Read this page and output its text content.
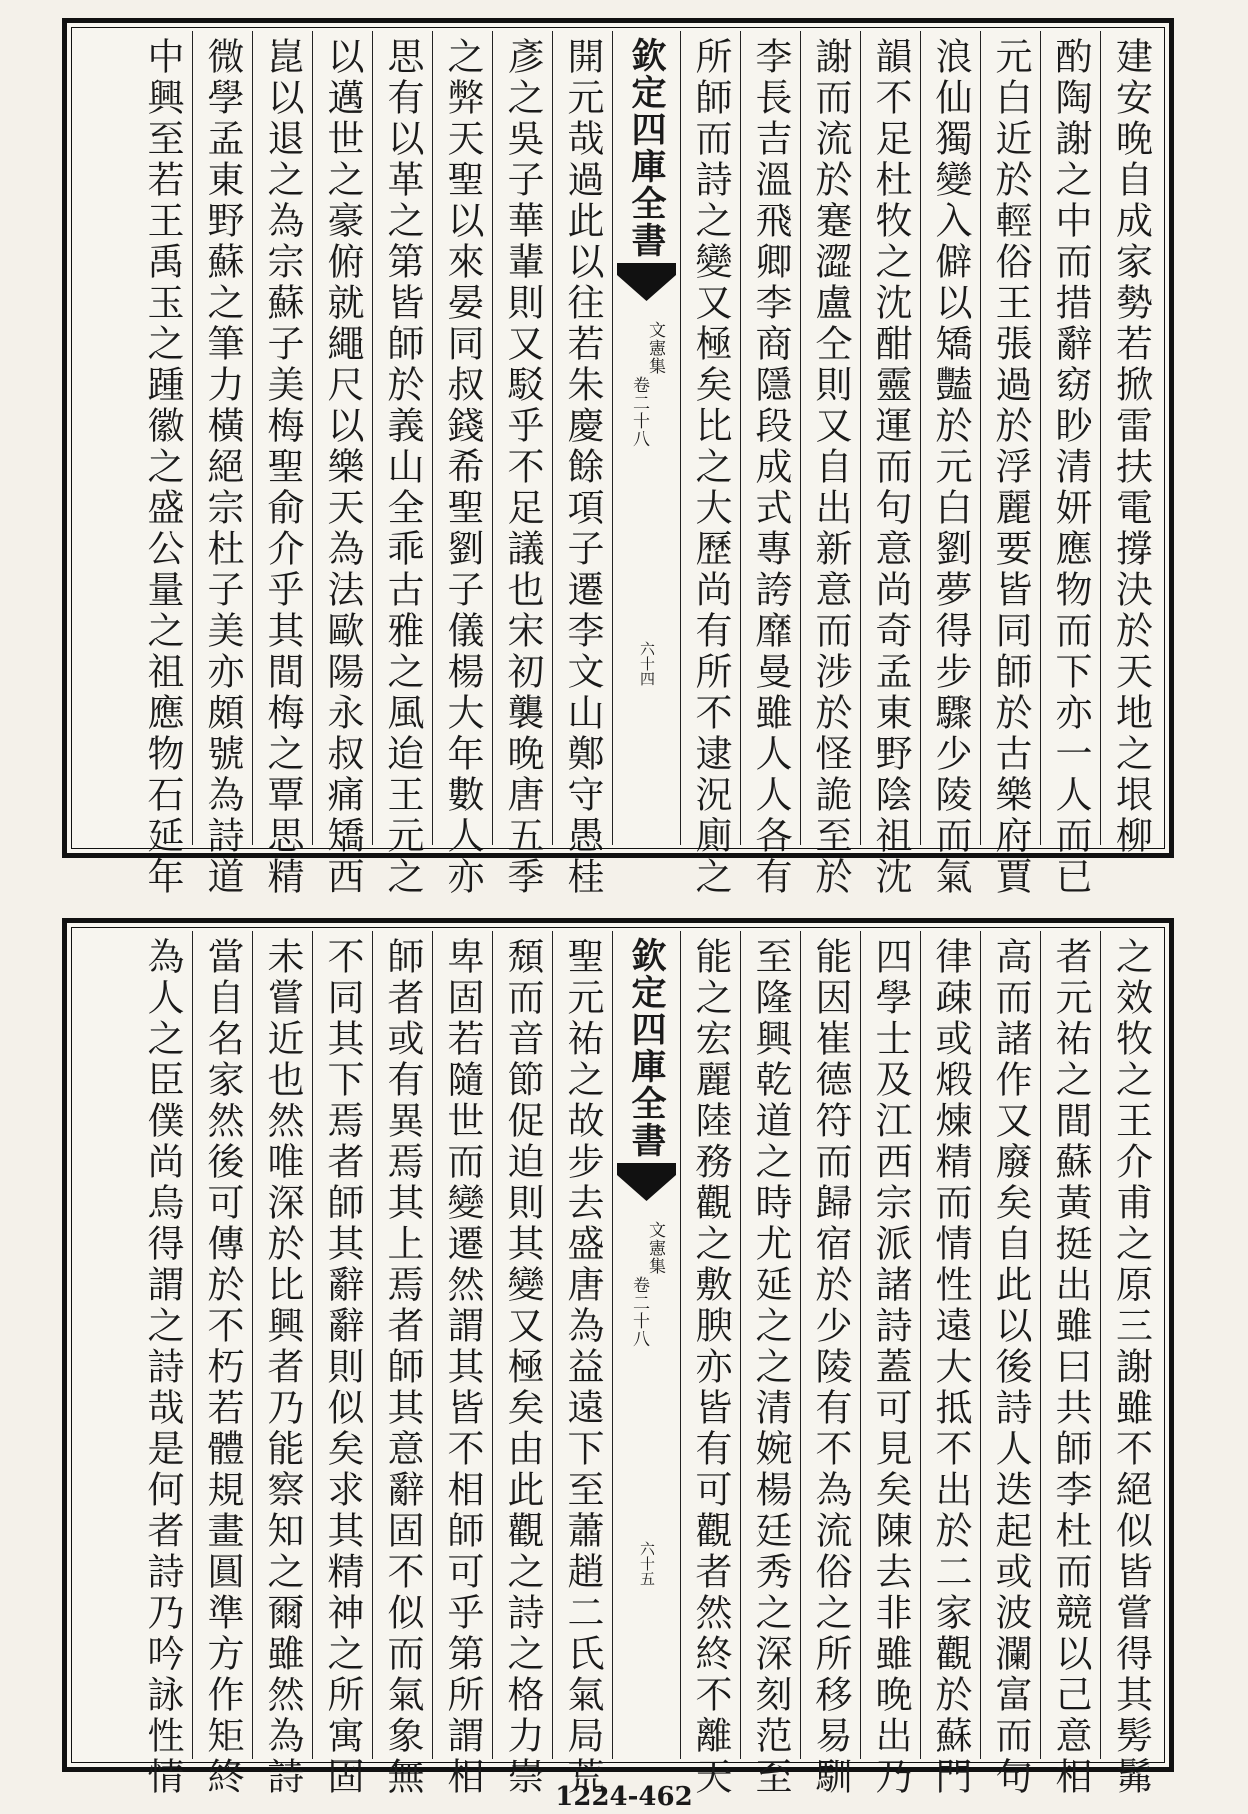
建安晚自成家勢若掀雷扶電撐決於天地之垠柳
酌陶謝之中而措辭窈眇清妍應物而下亦一人而已
元白近於輕俗王張過於浮麗要皆同師於古樂府賈
浪仙獨變入僻以矯豔於元白劉夢得步驟少陵而氣
韻不足杜牧之沈酣靈運而句意尚奇孟東野陰祖沈
謝而流於蹇澀盧仝則又自出新意而涉於怪詭至於
李長吉溫飛卿李商隱段成式專誇靡曼雖人人各有
所師而詩之變又極矣比之大歷尚有所不逮況廁之
欽定四庫全書
文憲集
卷二十八
六十四
開元哉過此以往若朱慶餘項子遷李文山鄭守愚桂
彥之吳子華輩則又駁乎不足議也宋初襲晚唐五季
之弊天聖以來晏同叔錢希聖劉子儀楊大年數人亦
思有以革之第皆師於義山全乖古雅之風迨王元之
以邁世之豪俯就繩尺以樂天為法歐陽永叔痛矯西
崑以退之為宗蘇子美梅聖俞介乎其間梅之覃思精
微學孟東野蘇之筆力橫絕宗杜子美亦頗號為詩道
中興至若王禹玉之踵徽之盛公量之祖應物石延年
之效牧之王介甫之原三謝雖不絕似皆嘗得其髣髴
者元祐之間蘇黃挺出雖曰共師李杜而競以己意相
高而諸作又廢矣自此以後詩人迭起或波瀾富而句
律疎或煅煉精而情性遠大抵不出於二家觀於蘇門
四學士及江西宗派諸詩蓋可見矣陳去非雖晚出乃
能因崔德符而歸宿於少陵有不為流俗之所移易馴
至隆興乾道之時尤延之之清婉楊廷秀之深刻范至
能之宏麗陸務觀之敷腴亦皆有可觀者然終不離天
欽定四庫全書
文憲集
卷二十八
六十五
聖元祐之故步去盛唐為益遠下至蕭趙二氏氣局荒
頹而音節促迫則其變又極矣由此觀之詩之格力崇
卑固若隨世而變遷然謂其皆不相師可乎第所謂相
師者或有異焉其上焉者師其意辭固不似而氣象無
不同其下焉者師其辭辭則似矣求其精神之所寓固
未嘗近也然唯深於比興者乃能察知之爾雖然為詩
當自名家然後可傳於不朽若體規畫圓準方作矩終
為人之臣僕尚烏得謂之詩哉是何者詩乃吟詠性情	1224-462
